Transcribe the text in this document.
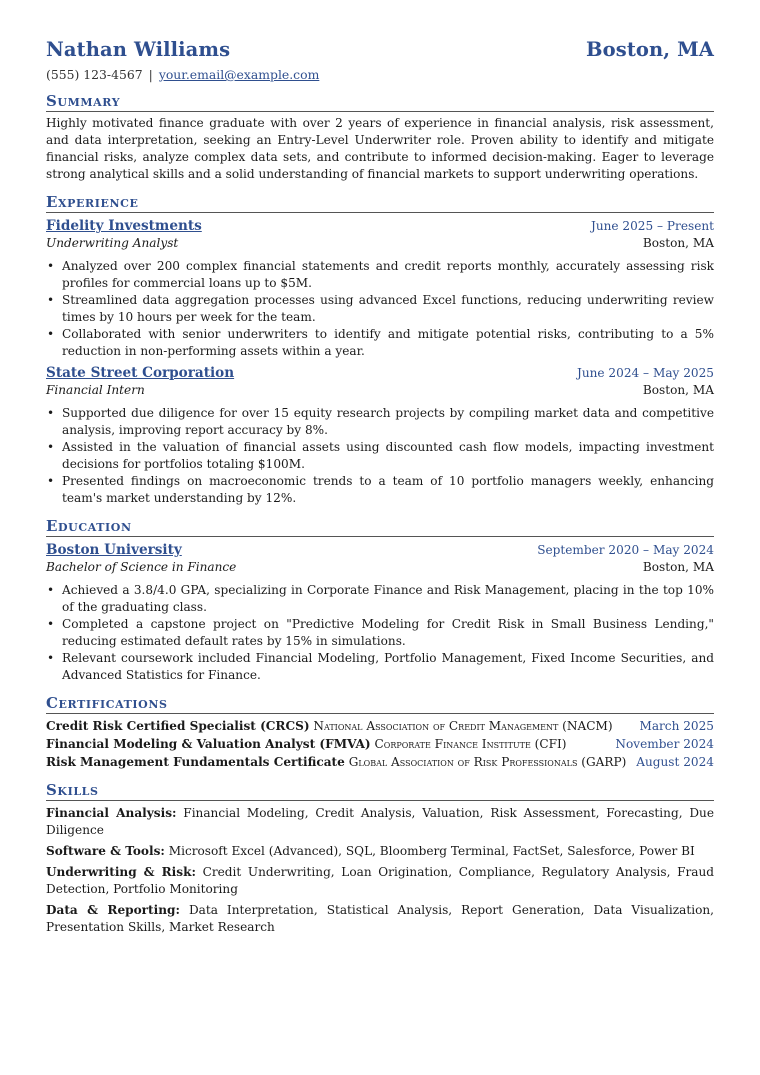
Nathan Williams	Boston, MA
(555) 123-4567 | your.email@example.com
Summary
Highly motivated finance graduate with over 2 years of experience in financial analysis, risk assessment, and data interpretation, seeking an Entry-Level Underwriter role. Proven ability to identify and mitigate financial risks, analyze complex data sets, and contribute to informed decision-making. Eager to leverage strong analytical skills and a solid understanding of financial markets to support underwriting operations.
Experience
Fidelity Investments	June 2025 – Present
Underwriting Analyst	Boston, MA
• Analyzed over 200 complex financial statements and credit reports monthly, accurately assessing risk profiles for commercial loans up to $5M.
• Streamlined data aggregation processes using advanced Excel functions, reducing underwriting review times by 10 hours per week for the team.
• Collaborated with senior underwriters to identify and mitigate potential risks, contributing to a 5% reduction in non-performing assets within a year.
State Street Corporation	June 2024 – May 2025
Financial Intern	Boston, MA
• Supported due diligence for over 15 equity research projects by compiling market data and competitive analysis, improving report accuracy by 8%.
• Assisted in the valuation of financial assets using discounted cash flow models, impacting investment decisions for portfolios totaling $100M.
• Presented findings on macroeconomic trends to a team of 10 portfolio managers weekly, enhancing team's market understanding by 12%.
Education
Boston University	September 2020 – May 2024
Bachelor of Science in Finance	Boston, MA
• Achieved a 3.8/4.0 GPA, specializing in Corporate Finance and Risk Management, placing in the top 10% of the graduating class.
• Completed a capstone project on "Predictive Modeling for Credit Risk in Small Business Lending," reducing estimated default rates by 15% in simulations.
• Relevant coursework included Financial Modeling, Portfolio Management, Fixed Income Securities, and Advanced Statistics for Finance.
Certifications
Credit Risk Certified Specialist (CRCS) National Association of Credit Management (NACM) March 2025
Financial Modeling & Valuation Analyst (FMVA) Corporate Finance Institute (CFI)	November 2024
Risk Management Fundamentals Certificate Global Association of Risk Professionals (GARP) August 2024
Skills
Financial Analysis: Financial Modeling, Credit Analysis, Valuation, Risk Assessment, Forecasting, Due Diligence
Software & Tools: Microsoft Excel (Advanced), SQL, Bloomberg Terminal, FactSet, Salesforce, Power BI
Underwriting & Risk: Credit Underwriting, Loan Origination, Compliance, Regulatory Analysis, Fraud Detection, Portfolio Monitoring
Data & Reporting: Data Interpretation, Statistical Analysis, Report Generation, Data Visualization, Presentation Skills, Market Research
